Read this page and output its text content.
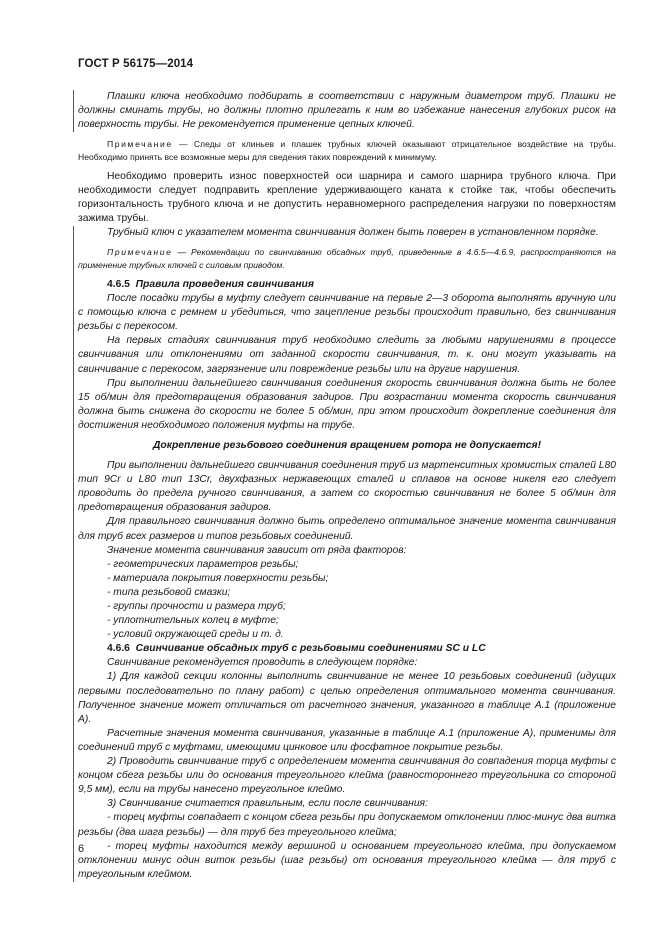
ГОСТ Р 56175—2014

Плашки ключа необходимо подбирать в соответствии с наружным диаметром труб. Плашки не должны сминать трубы, но должны плотно прилегать к ним во избежание нанесения глубоких рисок на поверхность трубы. Не рекомендуется применение цепных ключей.

Примечание — Следы от клиньев и плашек трубных ключей оказывают отрицательное воздействие на трубы. Необходимо принять все возможные меры для сведения таких повреждений к минимуму.

Необходимо проверить износ поверхностей оси шарнира и самого шарнира трубного ключа. При необходимости следует подправить крепление удерживающего каната к стойке так, чтобы обеспечить горизонтальность трубного ключа и не допустить неравномерного распределения нагрузки по поверхностям зажима трубы.

Трубный ключ с указателем момента свинчивания должен быть поверен в установленном порядке.

Примечание — Рекомендации по свинчиванию обсадных труб, приведенные в 4.6.5—4.6.9, распространяются на применение трубных ключей с силовым приводом.

4.6.5 Правила проведения свинчивания

После посадки трубы в муфту следует свинчивание на первые 2—3 оборота выполнять вручную или с помощью ключа с ремнем и убедиться, что зацепление резьбы происходит правильно, без свинчивания резьбы с перекосом.

На первых стадиях свинчивания труб необходимо следить за любыми нарушениями в процессе свинчивания или отклонениями от заданной скорости свинчивания, т. к. они могут указывать на свинчивание с перекосом, загрязнение или повреждение резьбы или на другие нарушения.

При выполнении дальнейшего свинчивания соединения скорость свинчивания должна быть не более 15 об/мин для предотвращения образования задиров. При возрастании момента скорость свинчивания должна быть снижена до скорости не более 5 об/мин, при этом происходит докрепление соединения для достижения необходимого положения муфты на трубе.

Докрепление резьбового соединения вращением ротора не допускается!

При выполнении дальнейшего свинчивания соединения труб из мартенситных хромистых сталей L80 тип 9Cr и L80 тип 13Cr, двухфазных нержавеющих сталей и сплавов на основе никеля его следует проводить до предела ручного свинчивания, а затем со скоростью свинчивания не более 5 об/мин для предотвращения образования задиров.

Для правильного свинчивания должно быть определено оптимальное значение момента свинчивания для труб всех размеров и типов резьбовых соединений.

Значение момента свинчивания зависит от ряда факторов:

- геометрических параметров резьбы;
- материала покрытия поверхности резьбы;
- типа резьбовой смазки;
- группы прочности и размера труб;
- уплотнительных колец в муфте;
- условий окружающей среды и т. д.

4.6.6 Свинчивание обсадных труб с резьбовыми соединениями SC и LC

Свинчивание рекомендуется проводить в следующем порядке:

1) Для каждой секции колонны выполнить свинчивание не менее 10 резьбовых соединений (идущих первыми последовательно по плану работ) с целью определения оптимального момента свинчивания. Полученное значение может отличаться от расчетного значения, указанного в таблице А.1 (приложение А).

Расчетные значения момента свинчивания, указанные в таблице А.1 (приложение А), применимы для соединений труб с муфтами, имеющими цинковое или фосфатное покрытие резьбы.

2) Проводить свинчивание труб с определением момента свинчивания до совпадения торца муфты с концом сбега резьбы или до основания треугольного клейма (равностороннего треугольника со стороной 9,5 мм), если на трубы нанесено треугольное клеймо.

3) Свинчивание считается правильным, если после свинчивания:

- торец муфты совпадает с концом сбега резьбы при допускаемом отклонении плюс-минус два витка резьбы (два шага резьбы) — для труб без треугольного клейма;

- торец муфты находится между вершиной и основанием треугольного клейма, при допускаемом отклонении минус один виток резьбы (шаг резьбы) от основания треугольного клейма — для труб с треугольным клеймом.

6
